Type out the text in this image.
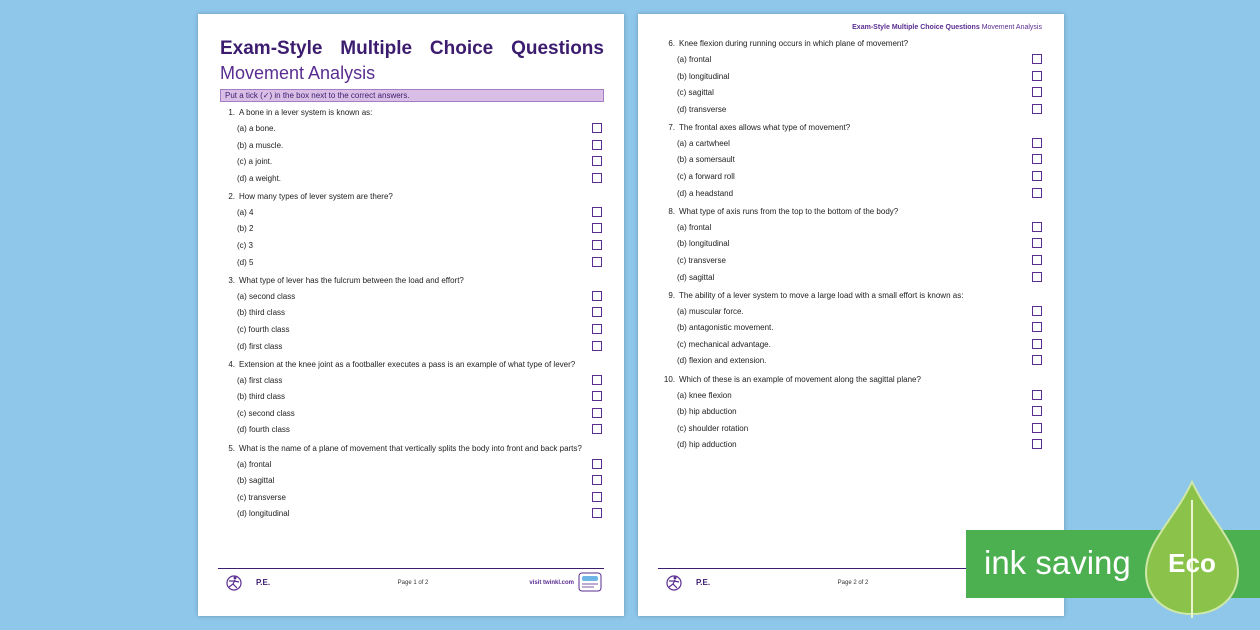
Exam-Style Multiple Choice Questions
Movement Analysis
Put a tick (✓) in the box next to the correct answers.
1. A bone in a lever system is known as:
(a) a bone.
(b) a muscle.
(c) a joint.
(d) a weight.
2. How many types of lever system are there?
(a) 4
(b) 2
(c) 3
(d) 5
3. What type of lever has the fulcrum between the load and effort?
(a) second class
(b) third class
(c) fourth class
(d) first class
4. Extension at the knee joint as a footballer executes a pass is an example of what type of lever?
(a) first class
(b) third class
(c) second class
(d) fourth class
5. What is the name of a plane of movement that vertically splits the body into front and back parts?
(a) frontal
(b) sagittal
(c) transverse
(d) longitudinal
P.E.	Page 1 of 2	visit twinkl.com
Exam-Style Multiple Choice Questions Movement Analysis
6. Knee flexion during running occurs in which plane of movement?
(a) frontal
(b) longitudinal
(c) sagittal
(d) transverse
7. The frontal axes allows what type of movement?
(a) a cartwheel
(b) a somersault
(c) a forward roll
(d) a headstand
8. What type of axis runs from the top to the bottom of the body?
(a) frontal
(b) longitudinal
(c) transverse
(d) sagittal
9. The ability of a lever system to move a large load with a small effort is known as:
(a) muscular force.
(b) antagonistic movement.
(c) mechanical advantage.
(d) flexion and extension.
10. Which of these is an example of movement along the sagittal plane?
(a) knee flexion
(b) hip abduction
(c) shoulder rotation
(d) hip adduction
P.E.	Page 2 of 2
ink saving Eco
